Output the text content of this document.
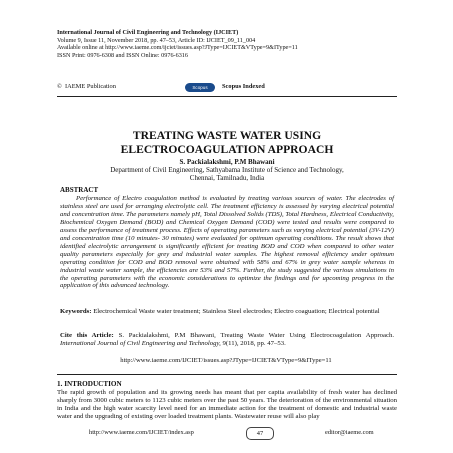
International Journal of Civil Engineering and Technology (IJCIET)
Volume 9, Issue 11, November 2018, pp. 47–53, Article ID: IJCIET_09_11_004
Available online at http://www.iaeme.com/ijciet/issues.asp?JType=IJCIET&VType=9&IType=11
ISSN Print: 0976-6308 and ISSN Online: 0976-6316
© IAEME Publication	Scopus	Scopus Indexed
TREATING WASTE WATER USING
ELECTROCOAGULATION APPROACH
S. Packialakshmi, P.M Bhawani
Department of Civil Engineering, Sathyabama Institute of Science and Technology,
Chennai, Tamilnadu, India
ABSTRACT
Performance of Electro coagulation method is evaluated by treating various sources of water. The electrodes of stainless steel are used for arranging electrolytic cell. The treatment efficiency is assessed by varying electrical potential and concentration time. The parameters namely pH, Total Dissolved Solids (TDS), Total Hardness, Electrical Conductivity, Biochemical Oxygen Demand (BOD) and Chemical Oxygen Demand (COD) were tested and results were compared to assess the performance of treatment process. Effects of operating parameters such as varying electrical potential (3V-12V) and concentration time (10 minutes- 30 minutes) were evaluated for optimum operating conditions. The result shows that identified electrolytic arrangement is significantly efficient for treating BOD and COD when compared to other water quality parameters especially for grey and industrial water samples. The highest removal efficiency under optimum operating condition for COD and BOD removal were obtained with 58% and 67% in grey water sample whereas in industrial waste water sample, the efficiencies are 53% and 57%. Further, the study suggested the various simulations in the operating parameters with the economic considerations to optimize the findings and for upcoming progress in the application of this advanced technology.
Keywords: Electrochemical Waste water treatment; Stainless Steel electrodes; Electro coaguation; Electrical potential
Cite this Article: S. Packialakshmi, P.M Bhawani, Treating Waste Water Using Electrocoagulation Approach. International Journal of Civil Engineering and Technology, 9(11), 2018, pp. 47–53.
http://www.iaeme.com/IJCIET/issues.asp?JType=IJCIET&VType=9&IType=11
1. INTRODUCTION
The rapid growth of population and its growing needs has meant that per capita availability of fresh water has declined sharply from 3000 cubic meters to 1123 cubic meters over the past 50 years. The deterioration of the environmental situation in India and the high water scarcity level need for an immediate action for the treatment of domestic and industrial waste water and the upgrading of existing over loaded treatment plants. Wastewater reuse will also play
http://www.iaeme.com/IJCIET/index.asp	47	editor@iaeme.com
